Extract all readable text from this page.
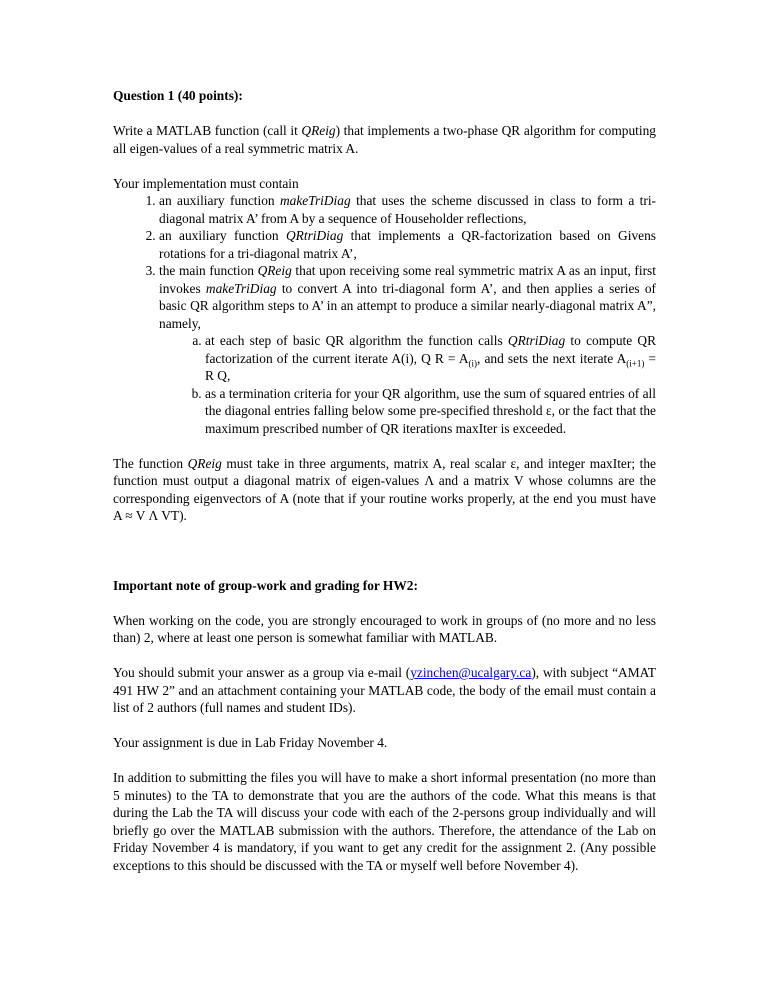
Question 1 (40 points):

Write a MATLAB function (call it QReig) that implements a two-phase QR algorithm for computing all eigen-values of a real symmetric matrix A.

Your implementation must contain

1. an auxiliary function makeTriDiag that uses the scheme discussed in class to form a tri-diagonal matrix A’ from A by a sequence of Householder reflections,
2. an auxiliary function QRtriDiag that implements a QR-factorization based on Givens rotations for a tri-diagonal matrix A’,
3. the main function QReig that upon receiving some real symmetric matrix A as an input, first invokes makeTriDiag to convert A into tri-diagonal form A’, and then applies a series of basic QR algorithm steps to A’ in an attempt to produce a similar nearly-diagonal matrix A”, namely,
a. at each step of basic QR algorithm the function calls QRtriDiag to compute QR factorization of the current iterate A(i), Q $R = A_{(i)}$, and sets the next iterate $A_{(i+1)} = R$ Q,
b. as a termination criteria for your QR algorithm, use the sum of squared entries of all the diagonal entries falling below some pre-specified threshold ε, or the fact that the maximum prescribed number of QR iterations maxIter is exceeded.

The function QReig must take in three arguments, matrix A, real scalar ε, and integer maxIter; the function must output a diagonal matrix of eigen-values Λ and a matrix V whose columns are the corresponding eigenvectors of A (note that if your routine works properly, at the end you must have A ≈ V Λ VT).

Important note of group-work and grading for HW2:

When working on the code, you are strongly encouraged to work in groups of (no more and no less than) 2, where at least one person is somewhat familiar with MATLAB.

You should submit your answer as a group via e-mail (yzinchen@ucalgary.ca), with subject “AMAT 491 HW 2” and an attachment containing your MATLAB code, the body of the email must contain a list of 2 authors (full names and student IDs).

Your assignment is due in Lab Friday November 4.

In addition to submitting the files you will have to make a short informal presentation (no more than 5 minutes) to the TA to demonstrate that you are the authors of the code. What this means is that during the Lab the TA will discuss your code with each of the 2-persons group individually and will briefly go over the MATLAB submission with the authors. Therefore, the attendance of the Lab on Friday November 4 is mandatory, if you want to get any credit for the assignment 2. (Any possible exceptions to this should be discussed with the TA or myself well before November 4).
